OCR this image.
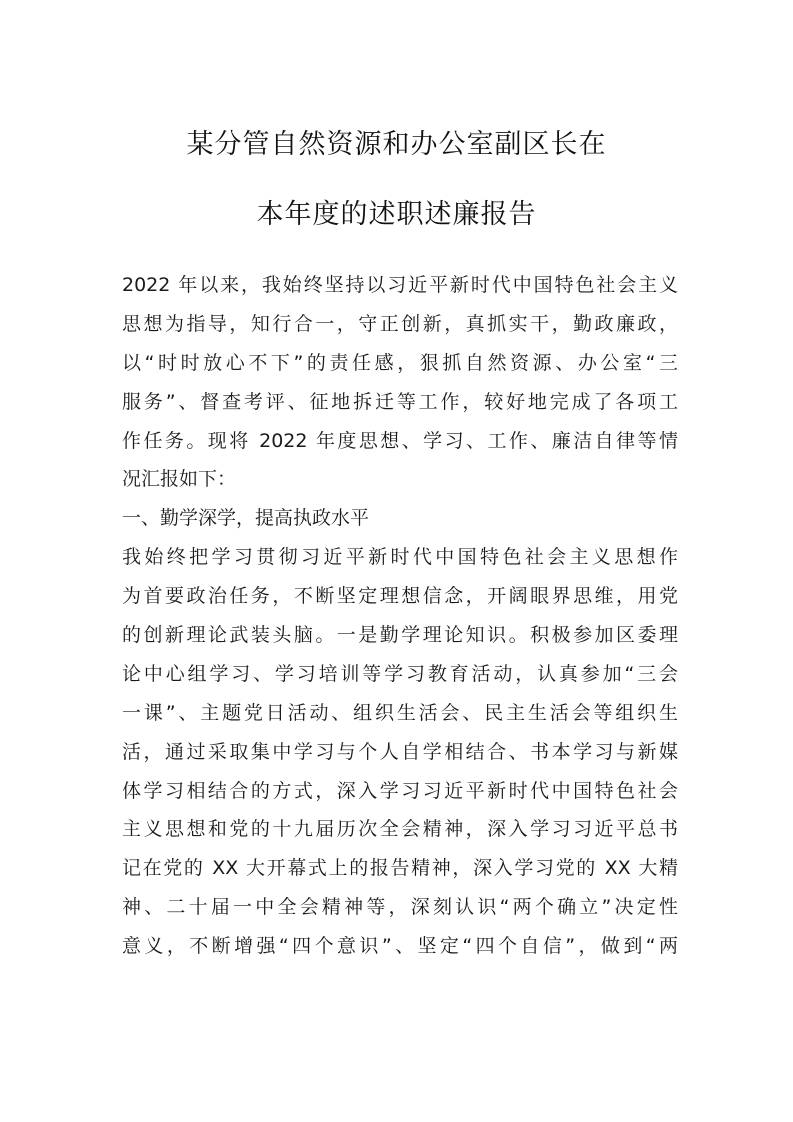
某分管自然资源和办公室副区长在
本年度的述职述廉报告
2022 年以来，我始终坚持以习近平新时代中国特色社会主义
思想为指导，知行合一，守正创新，真抓实干，勤政廉政，
以“时时放心不下”的责任感，狠抓自然资源、办公室“三
服务”、督查考评、征地拆迁等工作，较好地完成了各项工
作任务。现将 2022 年度思想、学习、工作、廉洁自律等情
况汇报如下：
一、勤学深学，提高执政水平
我始终把学习贯彻习近平新时代中国特色社会主义思想作
为首要政治任务，不断坚定理想信念，开阔眼界思维，用党
的创新理论武装头脑。一是勤学理论知识。积极参加区委理
论中心组学习、学习培训等学习教育活动，认真参加“三会
一课”、主题党日活动、组织生活会、民主生活会等组织生
活，通过采取集中学习与个人自学相结合、书本学习与新媒
体学习相结合的方式，深入学习习近平新时代中国特色社会
主义思想和党的十九届历次全会精神，深入学习习近平总书
记在党的 XX 大开幕式上的报告精神，深入学习党的 XX 大精
神、二十届一中全会精神等，深刻认识“两个确立”决定性
意义，不断增强“四个意识”、坚定“四个自信”，做到“两
